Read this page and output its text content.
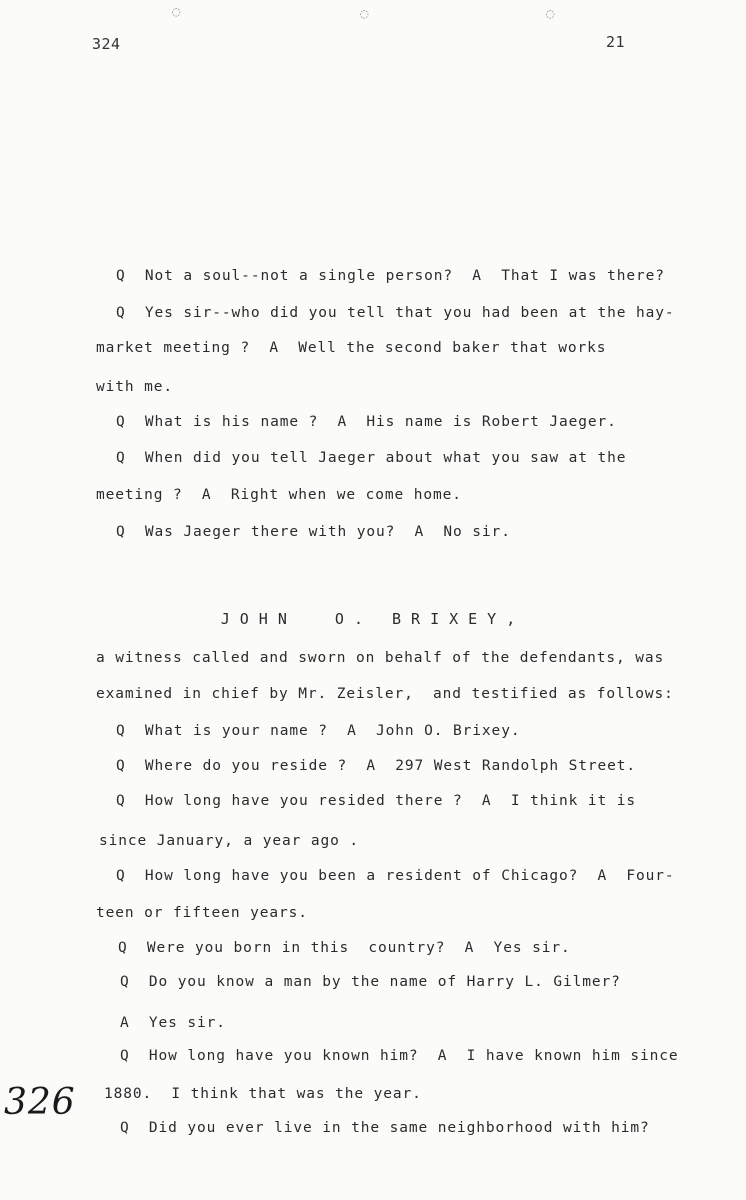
◌	◌	◌
324	21
Q  Not a soul--not a single person?  A  That I was there?
Q  Yes sir--who did you tell that you had been at the hay-
market meeting ?  A  Well the second baker that works
with me.
Q  What is his name ?  A  His name is Robert Jaeger.
Q  When did you tell Jaeger about what you saw at the
meeting ?  A  Right when we come home.
Q  Was Jaeger there with you?  A  No sir.
JOHN  O. BRIXEY,
a witness called and sworn on behalf of the defendants, was
examined in chief by Mr. Zeisler,  and testified as follows:
Q  What is your name ?  A  John O. Brixey.
Q  Where do you reside ?  A  297 West Randolph Street.
Q  How long have you resided there ?  A  I think it is
since January, a year ago .
Q  How long have you been a resident of Chicago?  A  Four-
teen or fifteen years.
Q  Were you born in this  country?  A  Yes sir.
Q  Do you know a man by the name of Harry L. Gilmer?
A  Yes sir.
Q  How long have you known him?  A  I have known him since
1880.  I think that was the year.
Q  Did you ever live in the same neighborhood with him?
326
